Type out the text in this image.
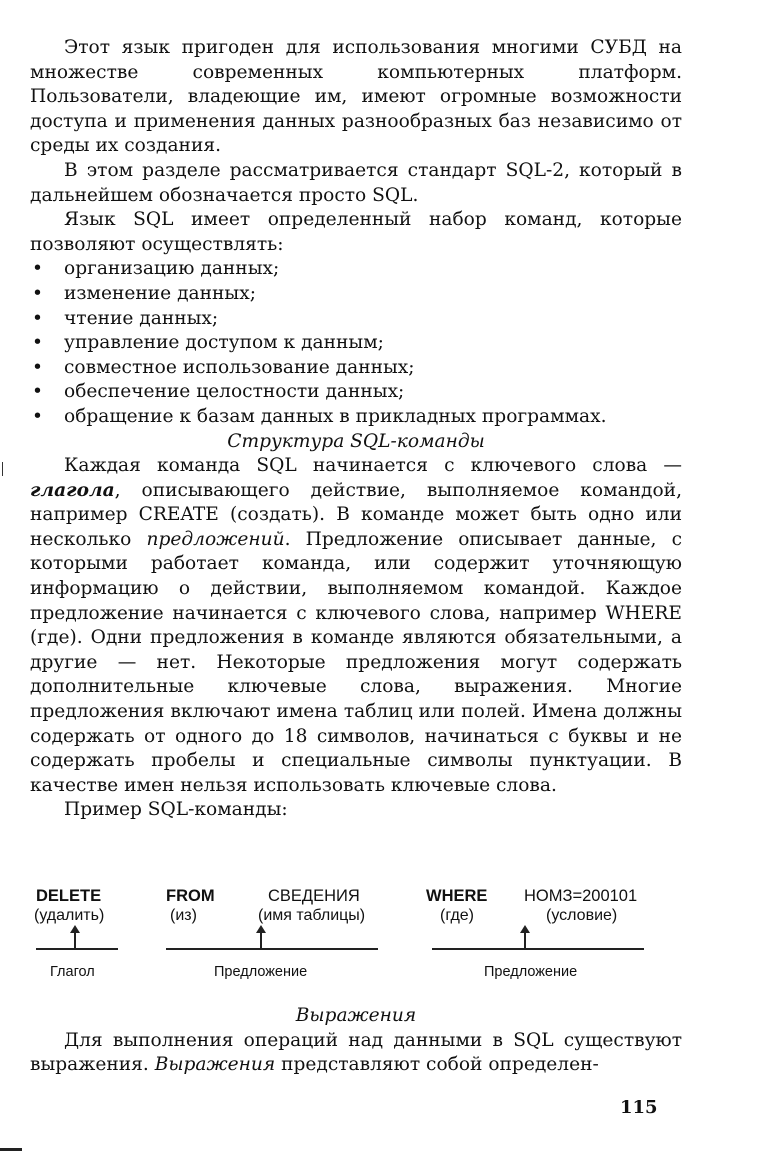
Этот язык пригоден для использования многими СУБД на множестве современных компьютерных платформ. Пользователи, владеющие им, имеют огромные возможности доступа и применения данных разнообразных баз независимо от среды их создания.

В этом разделе рассматривается стандарт SQL-2, который в дальнейшем обозначается просто SQL.

Язык SQL имеет определенный набор команд, которые позволяют осуществлять:

• организацию данных;
• изменение данных;
• чтение данных;
• управление доступом к данным;
• совместное использование данных;
• обеспечение целостности данных;
• обращение к базам данных в прикладных программах.

Структура SQL-команды

Каждая команда SQL начинается с ключевого слова — глагола, описывающего действие, выполняемое командой, например CREATE (создать). В команде может быть одно или несколько предложений. Предложение описывает данные, с которыми работает команда, или содержит уточняющую информацию о действии, выполняемом командой. Каждое предложение начинается с ключевого слова, например WHERE (где). Одни предложения в команде являются обязательными, а другие — нет. Некоторые предложения могут содержать дополнительные ключевые слова, выражения. Многие предложения включают имена таблиц или полей. Имена должны содержать от одного до 18 символов, начинаться с буквы и не содержать пробелы и специальные символы пунктуации. В качестве имен нельзя использовать ключевые слова.

Пример SQL-команды:

DELETE
(удалить)
FROM
(из)
СВЕДЕНИЯ
(имя таблицы)
WHERE
(где)
НОМЗ=200101
(условие)
Глагол	Предложение	Предложение

Выражения

Для выполнения операций над данными в SQL существуют выражения. Выражения представляют собой определен-

115
